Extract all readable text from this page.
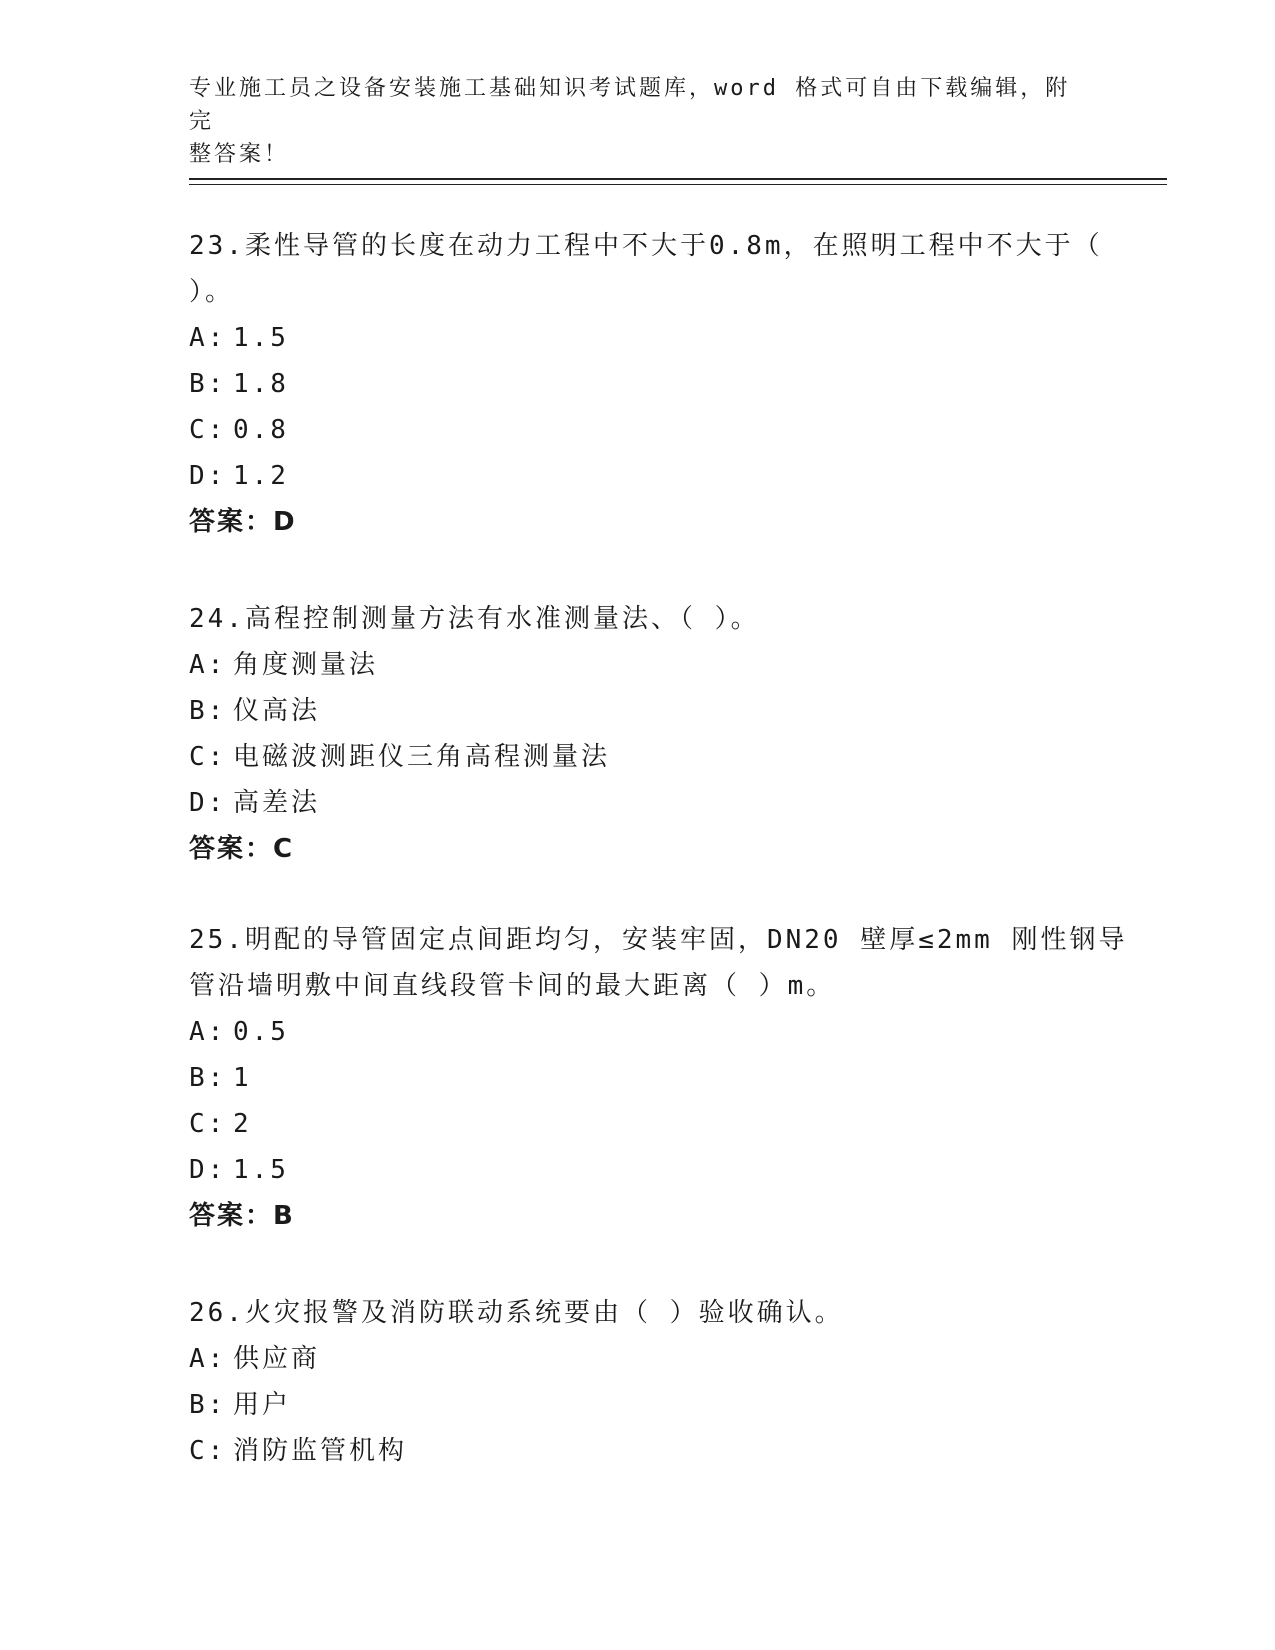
专业施工员之设备安装施工基础知识考试题库，word 格式可自由下载编辑，附完
整答案！
23.柔性导管的长度在动力工程中不大于0.8m，在照明工程中不大于（
）。
A: 1.5
B: 1.8
C: 0.8
D: 1.2
答案：D
24.高程控制测量方法有水准测量法、（ ）。
A: 角度测量法
B: 仪高法
C: 电磁波测距仪三角高程测量法
D: 高差法
答案：C
25.明配的导管固定点间距均匀，安装牢固，DN20 壁厚≤2mm 刚性钢导
管沿墙明敷中间直线段管卡间的最大距离（ ）m。
A: 0.5
B: 1
C: 2
D: 1.5
答案：B
26.火灾报警及消防联动系统要由（ ）验收确认。
A: 供应商
B: 用户
C: 消防监管机构
